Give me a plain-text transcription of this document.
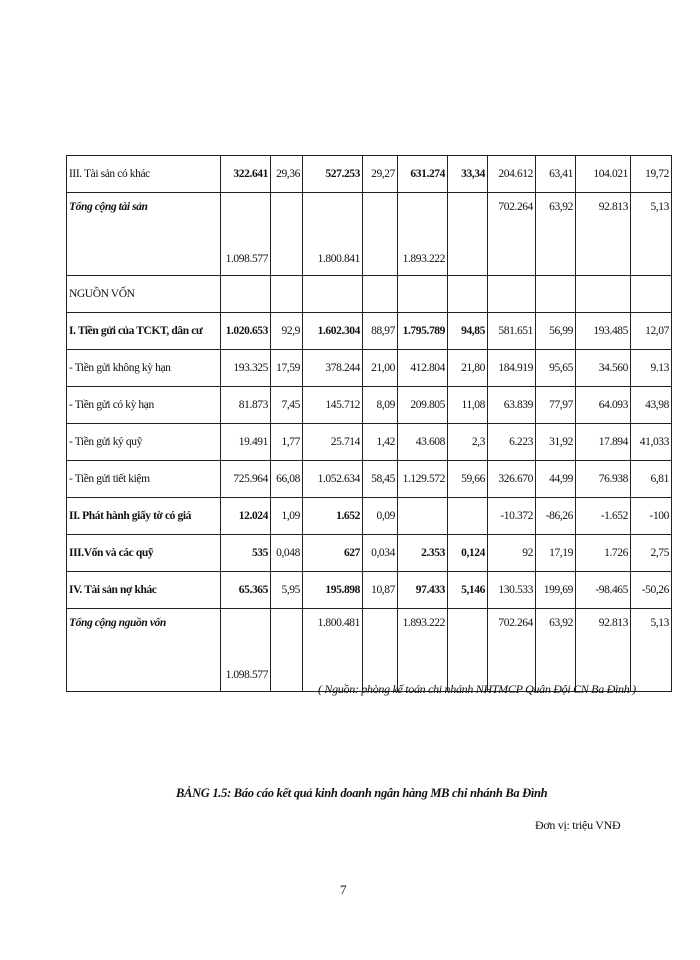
III. Tài sản có khác	322.641	29,36	527.253	29,27	631.274	33,34	204.612	63,41	104.021	19,72
Tổng cộng tài sản	1.098.577		1.800.841		1.893.222		702.264	63,92	92.813	5,13
NGUỒN VỐN										
I. Tiền gửi của TCKT, dân cư	1.020.653	92,9	1.602.304	88,97	1.795.789	94,85	581.651	56,99	193.485	12,07
- Tiền gửi không kỳ hạn	193.325	17,59	378.244	21,00	412.804	21,80	184.919	95,65	34.560	9.13
- Tiền gửi có kỳ hạn	81.873	7,45	145.712	8,09	209.805	11,08	63.839	77,97	64.093	43,98
- Tiền gửi ký quỹ	19.491	1,77	25.714	1,42	43.608	2,3	6.223	31,92	17.894	41,033
- Tiền gửi tiết kiệm	725.964	66,08	1.052.634	58,45	1.129.572	59,66	326.670	44,99	76.938	6,81
II. Phát hành giấy tờ có giá	12.024	1,09	1.652	0,09			-10.372	-86,26	-1.652	-100
III.Vốn và các quỹ	535	0,048	627	0,034	2.353	0,124	92	17,19	1.726	2,75
IV. Tài sản nợ khác	65.365	5,95	195.898	10,87	97.433	5,146	130.533	199,69	-98.465	-50,26
Tổng cộng nguồn vốn	1.098.577		1.800.481		1.893.222		702.264	63,92	92.813	5,13
( Nguồn: phòng kế toán chi nhánh NHTMCP Quân Đội CN Ba Đình )
BẢNG 1.5: Báo cáo kết quả kinh doanh ngân hàng MB chi nhánh Ba Đình
Đơn vị: triệu VNĐ
7
